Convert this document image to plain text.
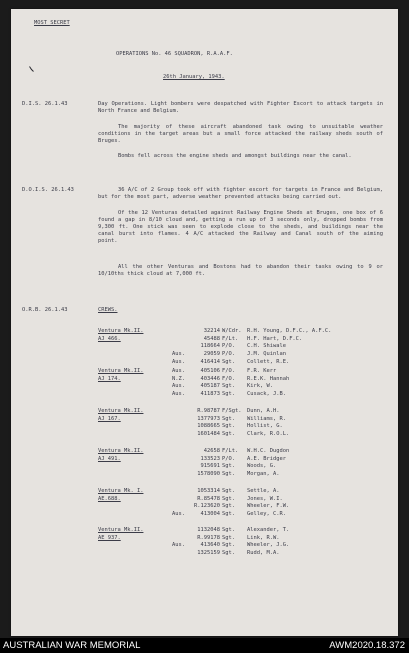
MOST SECRET
OPERATIONS No. 46 SQUADRON, R.A.A.F.
26th January, 1943.
D.I.S. 26.1.43	Day Operations. Light bombers were despatched with Fighter Escort to attack targets in North France and Belgium.
The majority of these aircraft abandoned task owing to unsuitable weather conditions in the target areas but a small force attacked the railway sheds south of Bruges.
Bombs fell across the engine sheds and amongst buildings near the canal.
D.O.I.S. 26.1.43	36 A/C of 2 Group took off with fighter escort for targets in France and Belgium, but for the most part, adverse weather prevented attacks being carried out.
Of the 12 Venturas detailed against Railway Engine Sheds at Bruges, one box of 6 found a gap in 8/10 cloud and, getting a run up of 3 seconds only, dropped bombs from 9,300 ft. One stick was seen to explode close to the sheds, and buildings near the canal burst into flames. 4 A/C attacked the Railway and Canal south of the aiming point.
All the other Venturas and Bostons had to abandon their tasks owing to 9 or 10/10ths thick cloud at 7,000 ft.
O.R.B. 26.1.43	CREWS.
Ventura Mk.II.
AJ 466.
32214 W/Cdr. R.H. Young, D.F.C., A.F.C.
45488 F/Lt. H.F. Hart, D.F.C.
118664 P/O. C.H. Shiwale
Aus.	29059 P/O. J.M. Quinlan
Aus.	416414 Sgt. Collett, R.E.
Ventura Mk.II.
AJ 174.
Aus.	405106 F/O. F.R. Kerr
N.Z.	403446 F/O. R.E.K. Hannah
Aus.	405187 Sgt. Kirk, W.
Aus.	411873 Sgt. Cusack, J.B.
Ventura Mk.II.
AJ 167.
R.98787 F/Sgt. Dunn, A.H.
1377973 Sgt. Williams, R.
1088665 Sgt. Hollist, G.
1601484 Sgt. Clark, R.O.L.
Ventura Mk.II.
AJ 491.
42658 F/Lt. W.H.C. Dugdon
133523 P/O. A.E. Bridger
915691 Sgt. Woods, G.
1578090 Sgt. Morgan, A.
Ventura Mk. I.
AE.688.
1053314 Sgt. Settle, A.
R.85478 Sgt. Jones, W.I.
R.123620 Sgt. Wheeler, F.W.
Aus.	413004 Sgt. Gelley, C.R.
Ventura Mk.II.
AE 937.
1132048 Sgt. Alexander, T.
R.99178 Sgt. Link, R.W.
Aus.	413640 Sgt. Wheeler, J.G.
1325159 Sgt. Rudd, M.A.
AUSTRALIAN WAR MEMORIAL	AWM2020.18.372
